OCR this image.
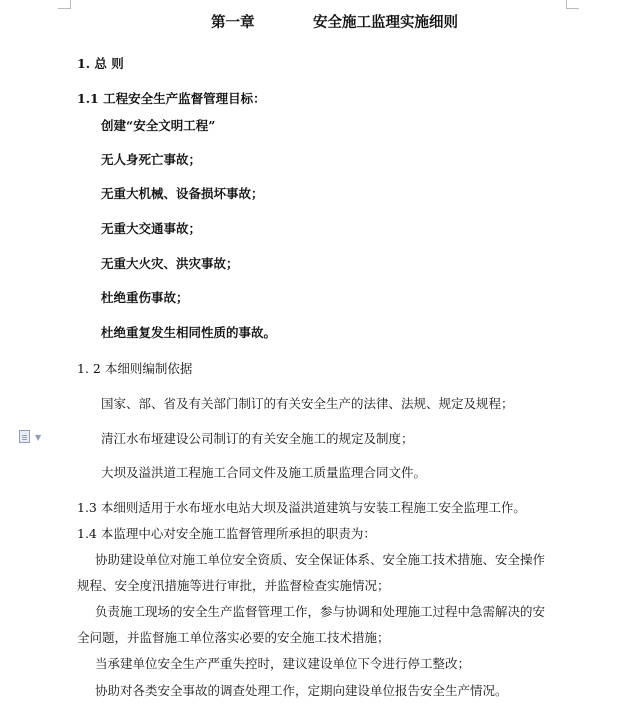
第一章	安全施工监理实施细则
1. 总 则
1.1 工程安全生产监督管理目标：
创建“安全文明工程”
无人身死亡事故；
无重大机械、设备损坏事故；
无重大交通事故；
无重大火灾、洪灾事故；
杜绝重伤事故；
杜绝重复发生相同性质的事故。
1. 2 本细则编制依据
国家、部、省及有关部门制订的有关安全生产的法律、法规、规定及规程；
▼	清江水布垭建设公司制订的有关安全施工的规定及制度；
大坝及溢洪道工程施工合同文件及施工质量监理合同文件。
1.3 本细则适用于水布垭水电站大坝及溢洪道建筑与安装工程施工安全监理工作。
1.4 本监理中心对安全施工监督管理所承担的职责为：
协助建设单位对施工单位安全资质、安全保证体系、安全施工技术措施、安全操作
规程、安全度汛措施等进行审批，并监督检查实施情况；
负责施工现场的安全生产监督管理工作，参与协调和处理施工过程中急需解决的安
全问题，并监督施工单位落实必要的安全施工技术措施；
当承建单位安全生产严重失控时，建议建设单位下令进行停工整改；
协助对各类安全事故的调查处理工作，定期向建设单位报告安全生产情况。
